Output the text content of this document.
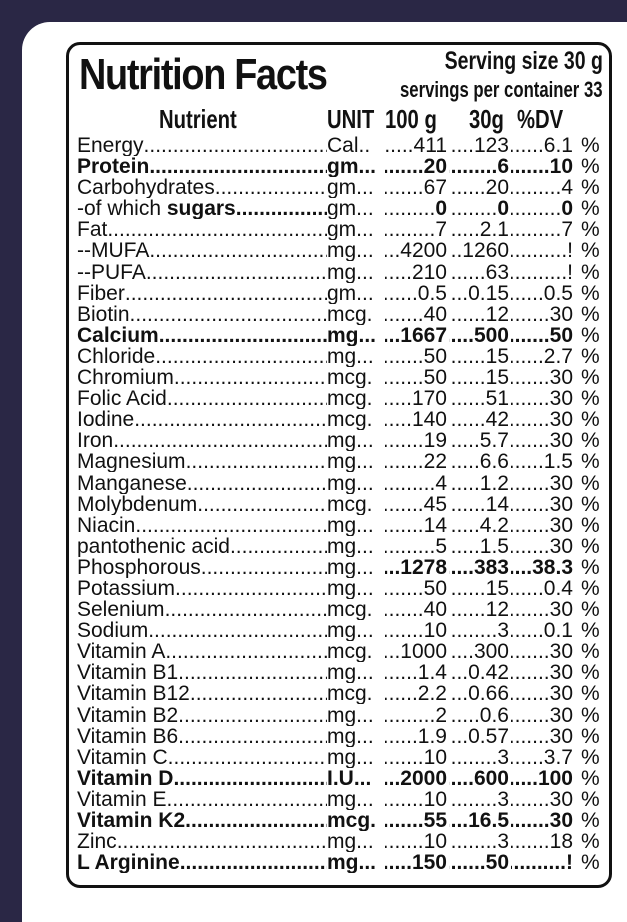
Nutrition Facts	Serving size 30 g
servings per container 33
Nutrient	UNIT 100 g 30g %DV
Energy .....	Cal.. .....	411 ..... 123 ..... 6.1 %
Protein .....	gm... .....	20 ..... 6 ..... 10 %
Carbohydrates .....	gm... .....	67 ..... 20 ..... 4 %
-of which sugars .....	gm... .....	0 ..... 0 ..... 0 %
Fat .....	gm... .....	7 ..... 2.1 ..... 7 %
--MUFA .....	mg... .....	4200 ..... 1260 .....	! %
--PUFA .....	mg... .....	210 ..... 63 .....	! %
Fiber .....	gm... .....	0.5 ..... 0.15 ..... 0.5 %
Biotin .....	mcg. .....	40 ..... 12 ..... 30 %
Calcium .....	mg... .....	1667 ..... 500 ..... 50 %
Chloride .....	mg... .....	50 ..... 15 ..... 2.7 %
Chromium .....	mcg. .....	50 ..... 15 ..... 30 %
Folic Acid .....	mcg. .....	170 ..... 51 ..... 30 %
Iodine .....	mcg. .....	140 ..... 42 ..... 30 %
Iron .....	mg... .....	19 ..... 5.7 ..... 30 %
Magnesium .....	mg... .....	22 ..... 6.6 ..... 1.5 %
Manganese .....	mg... .....	4 ..... 1.2 ..... 30 %
Molybdenum .....	mcg. .....	45 ..... 14 ..... 30 %
Niacin .....	mg... .....	14 ..... 4.2 ..... 30 %
pantothenic acid .....	mg... .....	5 ..... 1.5 ..... 30 %
Phosphorous .....	mg... .....	1278 ..... 383 ..... 38.3 %
Potassium .....	mg... .....	50 ..... 15 ..... 0.4 %
Selenium .....	mcg. .....	40 ..... 12 ..... 30 %
Sodium .....	mg... .....	10 ..... 3 ..... 0.1 %
Vitamin A .....	mcg. .....	1000 ..... 300 ..... 30 %
Vitamin B1 .....	mg... .....	1.4 ..... 0.42 ..... 30 %
Vitamin B12 .....	mcg. .....	2.2 ..... 0.66 ..... 30 %
Vitamin B2 .....	mg... .....	2 ..... 0.6 ..... 30 %
Vitamin B6 .....	mg... .....	1.9 ..... 0.57 ..... 30 %
Vitamin C .....	mg... .....	10 ..... 3 ..... 3.7 %
Vitamin D .....	I.U... .....	2000 ..... 600 ..... 100 %
Vitamin E .....	mg... .....	10 ..... 3 ..... 30 %
Vitamin K2 .....	mcg. .....	55 ..... 16.5 ..... 30 %
Zinc .....	mg... .....	10 ..... 3 ..... 18 %
L Arginine .....	mg... .....	150 ..... 50 .....	! %
